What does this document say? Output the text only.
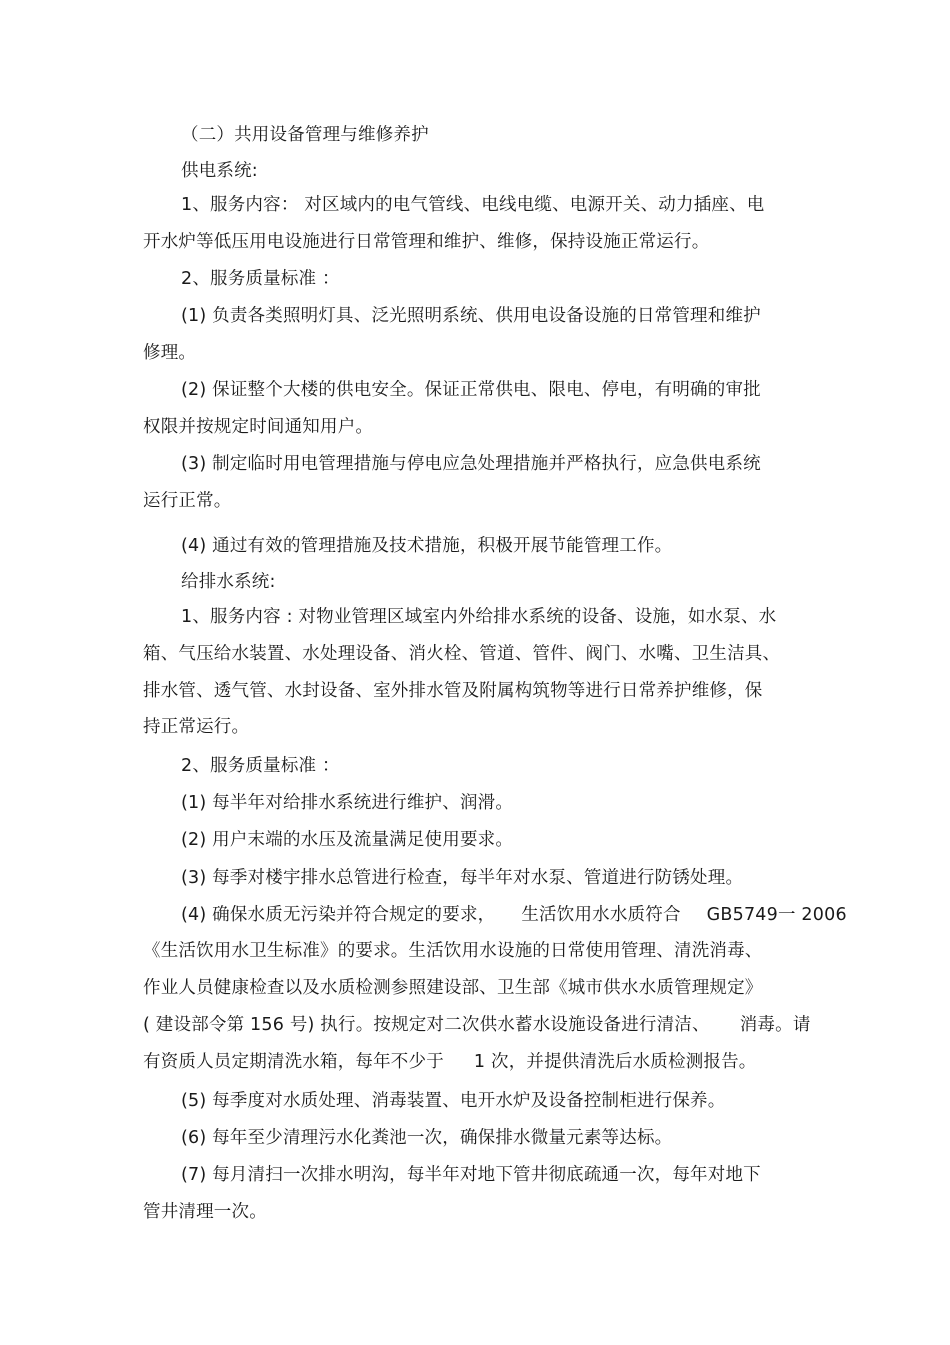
（二）共用设备管理与维修养护
供电系统:
1、服务内容： 对区域内的电气管线、电线电缆、电源开关、动力插座、电
开水炉等低压用电设施进行日常管理和维护、维修，保持设施正常运行。
2、服务质量标准 ：
(1) 负责各类照明灯具、泛光照明系统、供用电设备设施的日常管理和维护
修理。
(2) 保证整个大楼的供电安全。保证正常供电、限电、停电，有明确的审批
权限并按规定时间通知用户。
(3) 制定临时用电管理措施与停电应急处理措施并严格执行，应急供电系统
运行正常。
(4) 通过有效的管理措施及技术措施，积极开展节能管理工作。
给排水系统:
1、服务内容 : 对物业管理区域室内外给排水系统的设备、设施，如水泵、水
箱、气压给水装置、水处理设备、消火栓、管道、管件、阀门、水嘴、卫生洁具、
排水管、透气管、水封设备、室外排水管及附属构筑物等进行日常养护维修，保
持正常运行。
2、服务质量标准 ：
(1) 每半年对给排水系统进行维护、润滑。
(2) 用户末端的水压及流量满足使用要求。
(3) 每季对楼宇排水总管进行检查，每半年对水泵、管道进行防锈处理。
(4) 确保水质无污染并符合规定的要求， 生活饮用水水质符合 GB5749一 2006
《生活饮用水卫生标准》的要求。生活饮用水设施的日常使用管理、清洗消毒、
作业人员健康检查以及水质检测参照建设部、卫生部《城市供水水质管理规定》
( 建设部令第 156 号) 执行。按规定对二次供水蓄水设施设备进行清洁、 消毒。请
有资质人员定期清洗水箱，每年不少于 1 次，并提供清洗后水质检测报告。
(5) 每季度对水质处理、消毒装置、电开水炉及设备控制柜进行保养。
(6) 每年至少清理污水化粪池一次，确保排水微量元素等达标。
(7) 每月清扫一次排水明沟，每半年对地下管井彻底疏通一次，每年对地下
管井清理一次。
